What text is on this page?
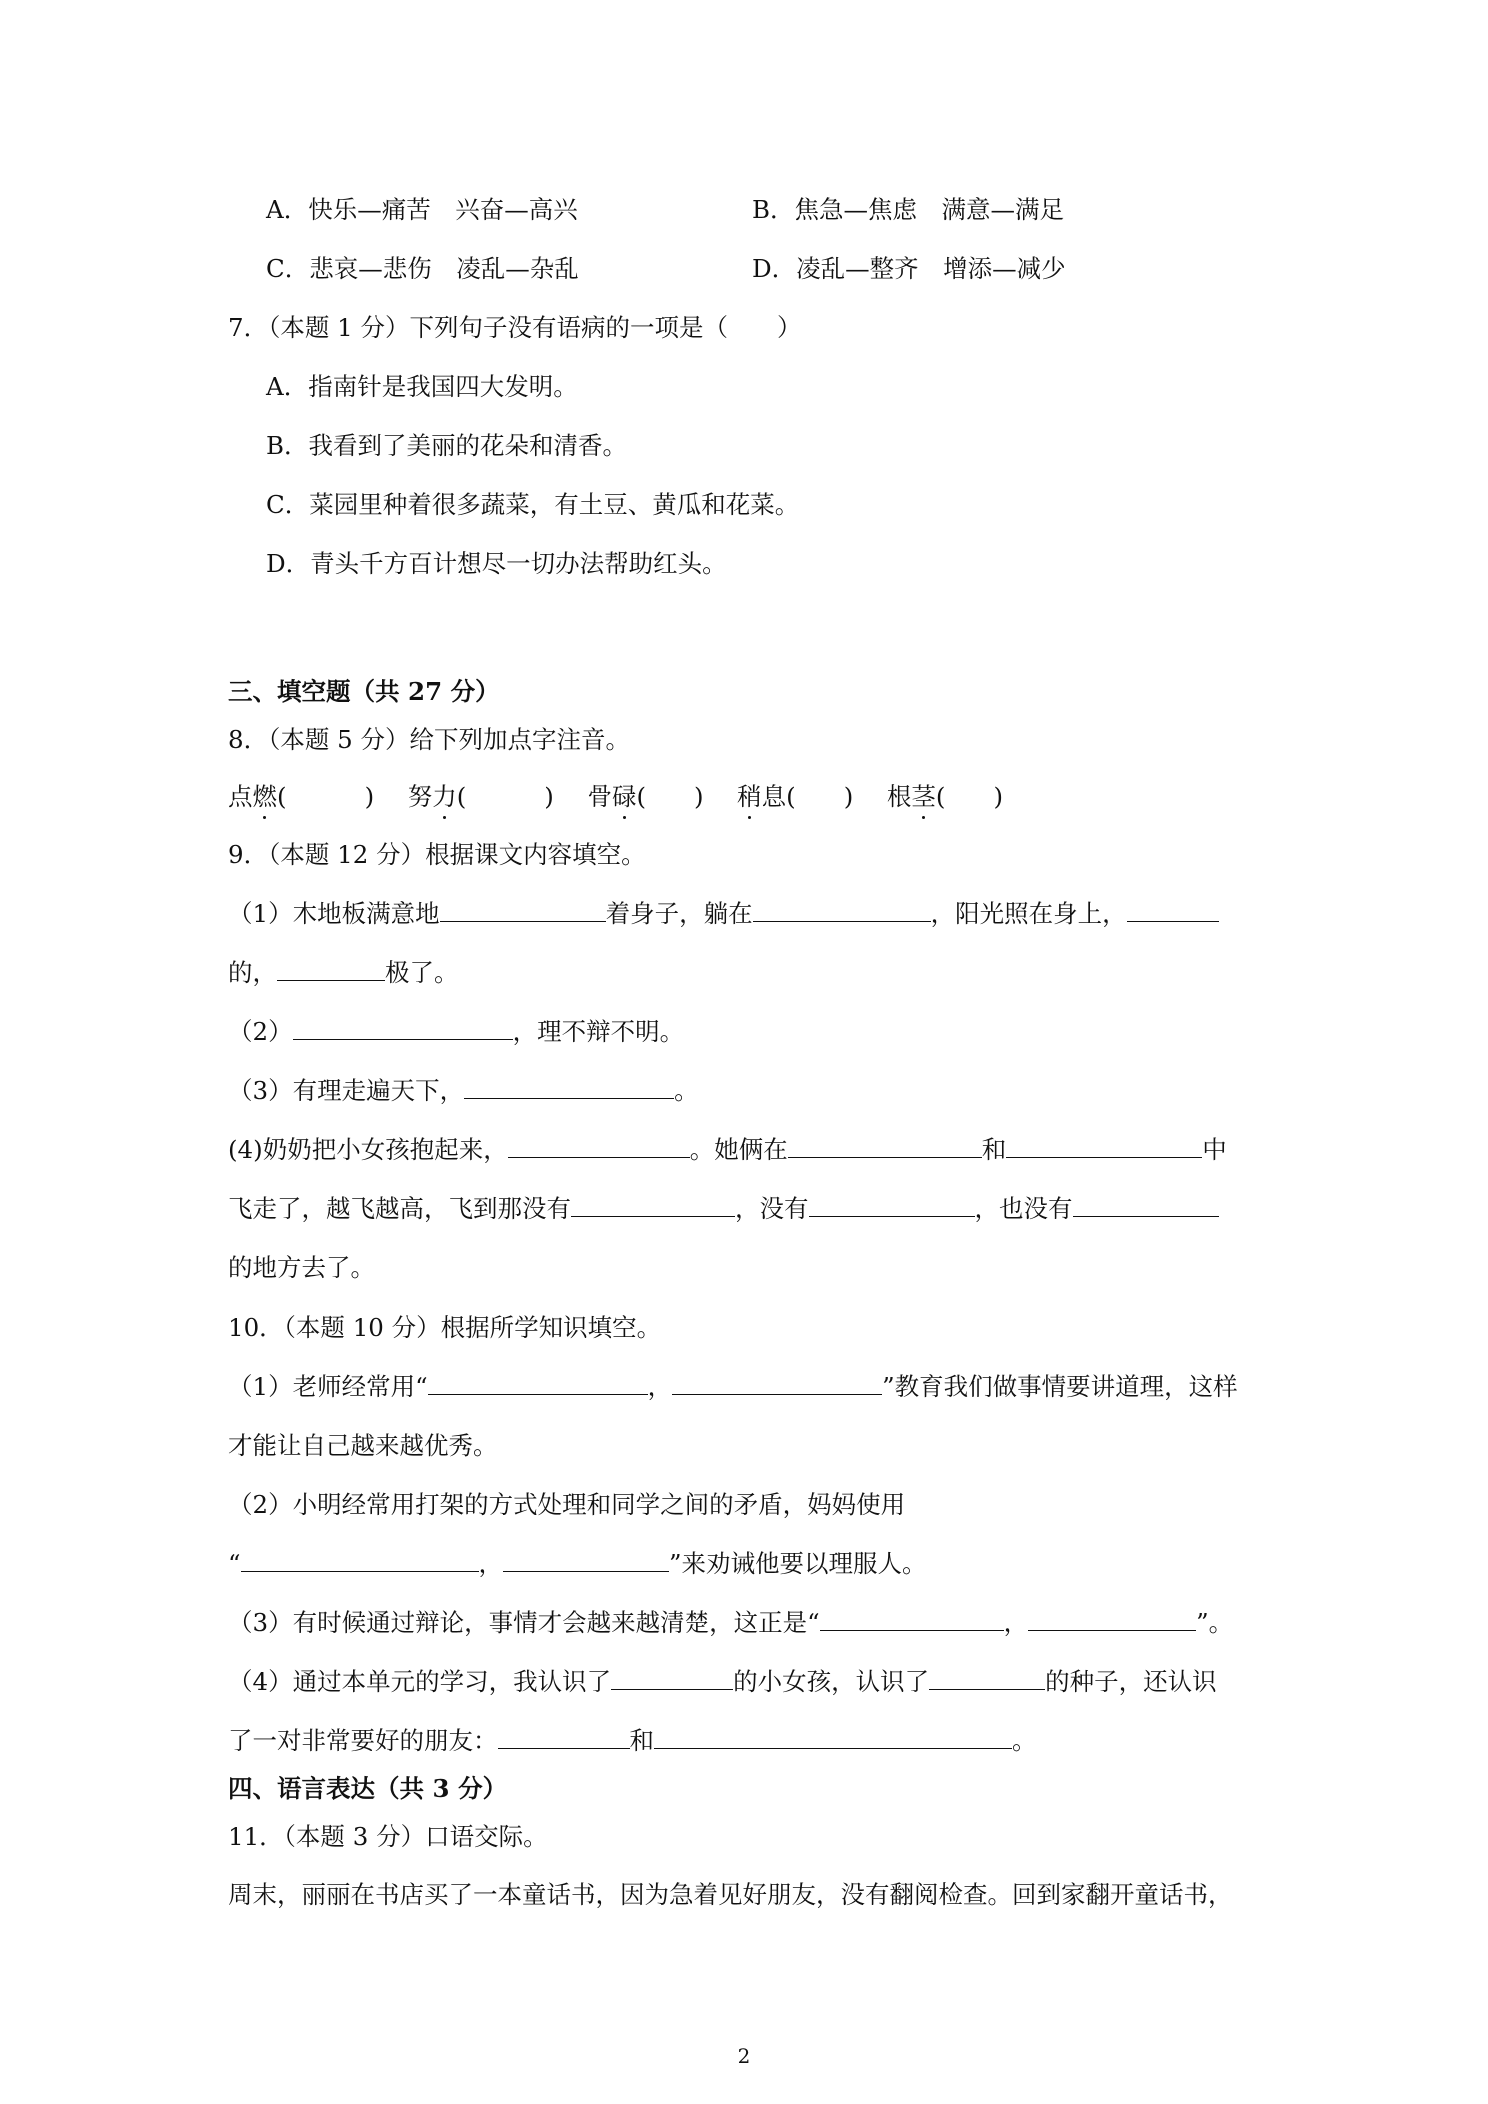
A．快乐—痛苦　兴奋—高兴	B．焦急—焦虑　满意—满足
C．悲哀—悲伤　凌乱—杂乱	D．凌乱—整齐　增添—减少
7．（本题 1 分）下列句子没有语病的一项是（　　）
A．指南针是我国四大发明。
B．我看到了美丽的花朵和清香。
C．菜园里种着很多蔬菜，有土豆、黄瓜和花菜。
D．青头千方百计想尽一切办法帮助红头。
三、填空题（共 27 分）
8．（本题 5 分）给下列加点字注音。
点燃(	) 努力(	) 骨碌( ) 稍息( ) 根茎( )
9．（本题 12 分）根据课文内容填空。
（1）木地板满意地	着身子，躺在	，阳光照在身上，
的，	极了。
（2）	，理不辩不明。
（3）有理走遍天下，	。
(4)奶奶把小女孩抱起来，	。她俩在	和	中
飞走了，越飞越高，飞到那没有	，没有	，也没有
的地方去了。
10．（本题 10 分）根据所学知识填空。
（1）老师经常用“	，	”教育我们做事情要讲道理，这样
才能让自己越来越优秀。
（2）小明经常用打架的方式处理和同学之间的矛盾，妈妈使用
“	，	”来劝诫他要以理服人。
（3）有时候通过辩论，事情才会越来越清楚，这正是“	，	”。
（4）通过本单元的学习，我认识了	的小女孩，认识了	的种子，还认识
了一对非常要好的朋友：	和	。
四、语言表达（共 3 分）
11．（本题 3 分）口语交际。
周末，丽丽在书店买了一本童话书，因为急着见好朋友，没有翻阅检查。回到家翻开童话书，
2
